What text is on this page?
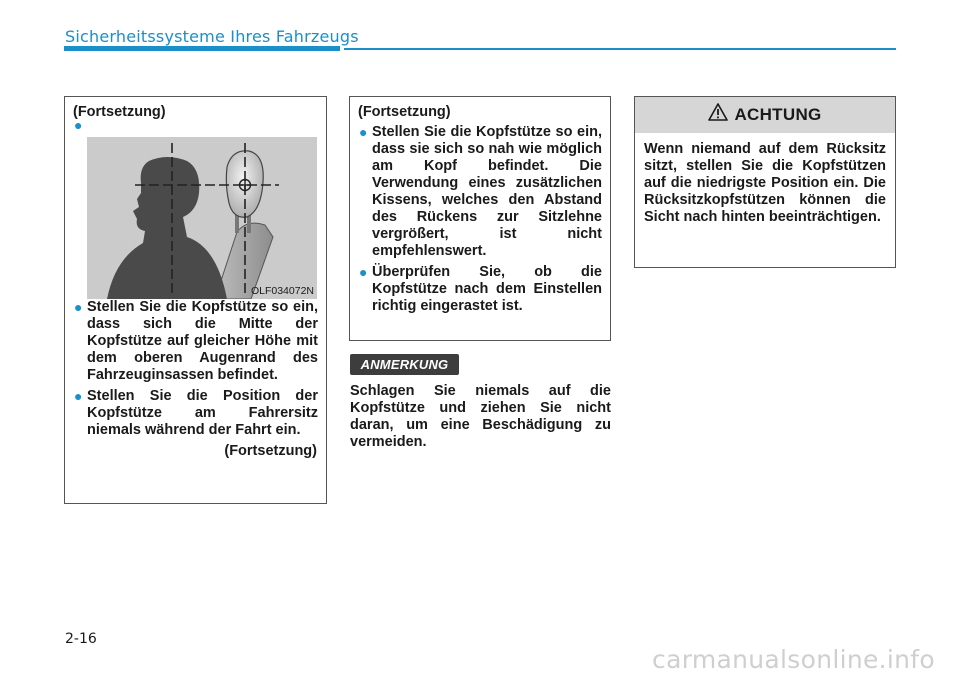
Sicherheitssysteme Ihres Fahrzeugs
(Fortsetzung)
●
OLF034072N
● Stellen Sie die Kopfstütze so ein, dass sich die Mitte der Kopfstütze auf gleicher Höhe mit dem oberen Augenrand des Fahrzeuginsassen befindet.
● Stellen Sie die Position der Kopfstütze am Fahrersitz niemals während der Fahrt ein.
(Fortsetzung)
(Fortsetzung)
● Stellen Sie die Kopfstütze so ein, dass sie sich so nah wie möglich am Kopf befindet. Die Verwendung eines zusätzlichen Kissens, welches den Abstand des Rückens zur Sitzlehne vergrößert, ist nicht empfehlenswert.
● Überprüfen Sie, ob die Kopfstütze nach dem Einstellen richtig eingerastet ist.
ANMERKUNG
Schlagen Sie niemals auf die Kopfstütze und ziehen Sie nicht daran, um eine Beschädigung zu vermeiden.
ACHTUNG
Wenn niemand auf dem Rücksitz sitzt, stellen Sie die Kopfstützen auf die niedrigste Position ein. Die Rücksitzkopfstützen können die Sicht nach hinten beeinträchtigen.
2-16
carmanualsonline.info
